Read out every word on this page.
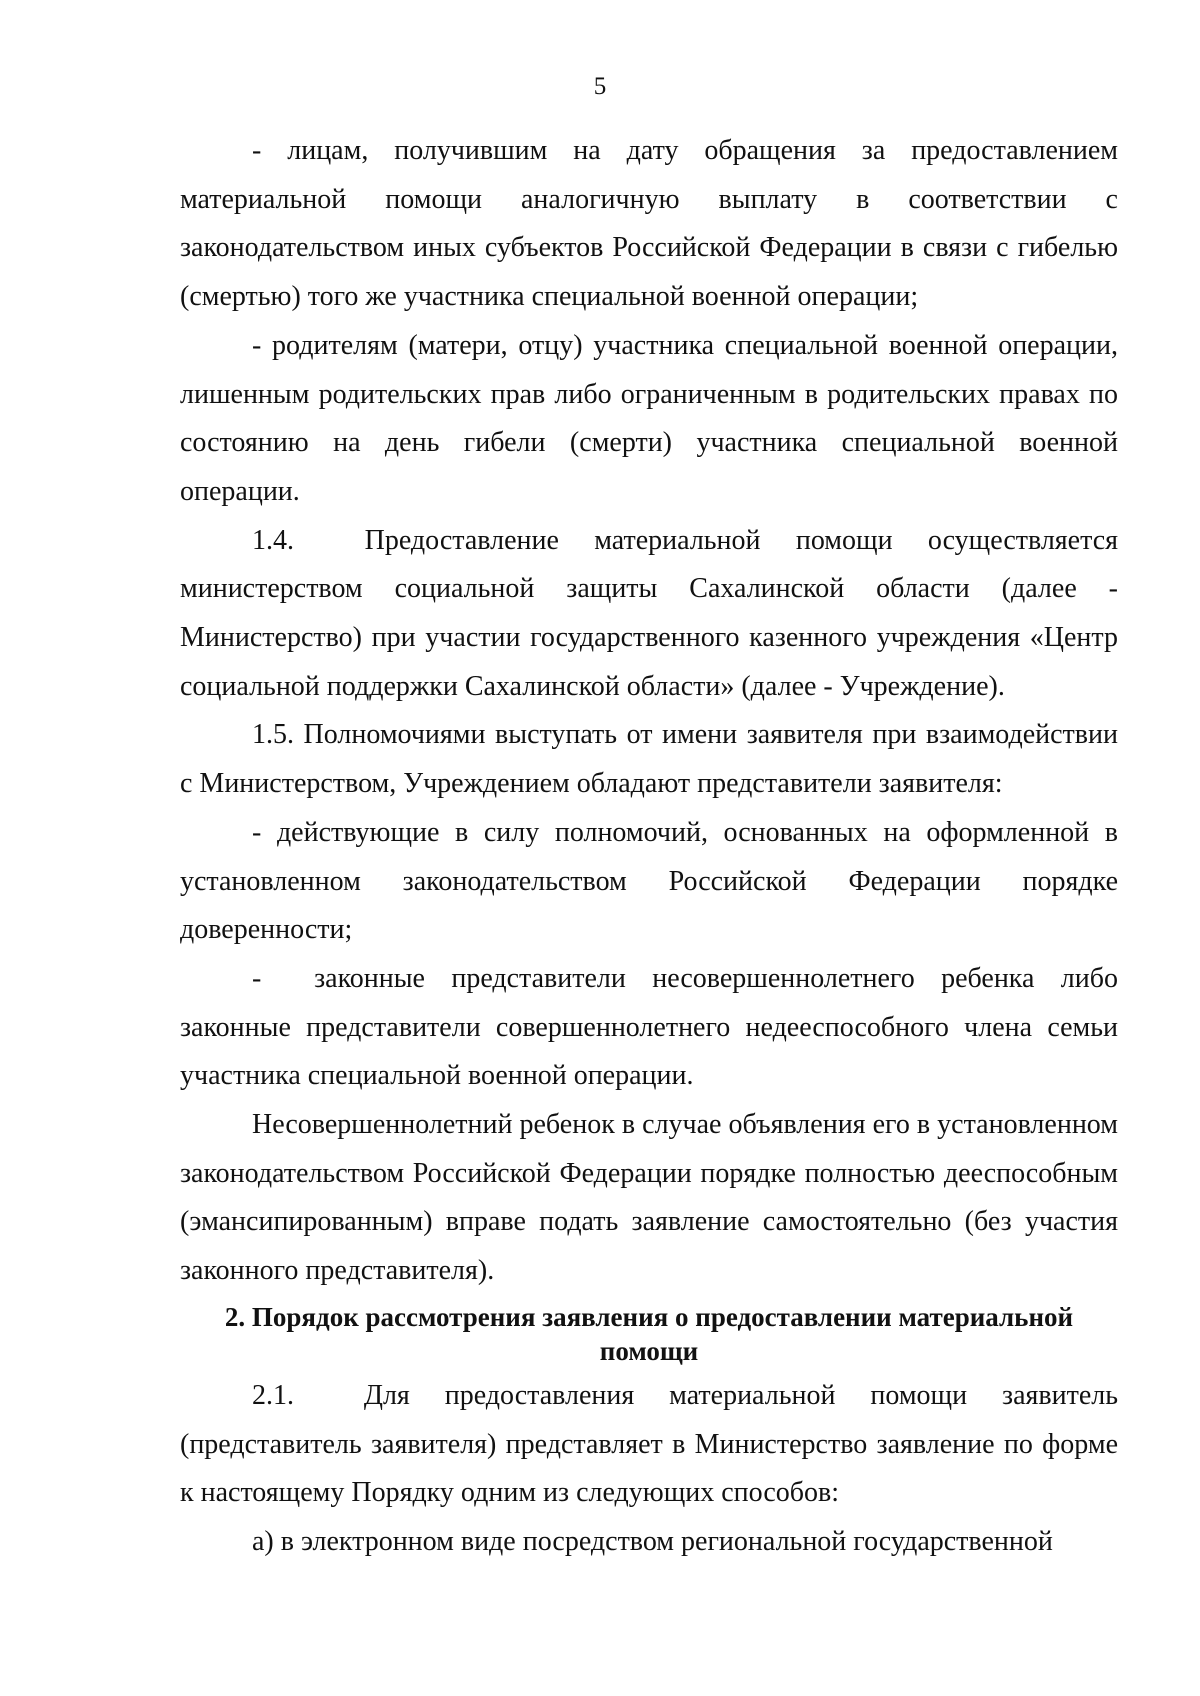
5

- лицам, получившим на дату обращения за предоставлением материальной помощи аналогичную выплату в соответствии с законодательством иных субъектов Российской Федерации в связи с гибелью (смертью) того же участника специальной военной операции;

- родителям (матери, отцу) участника специальной военной операции, лишенным родительских прав либо ограниченным в родительских правах по состоянию на день гибели (смерти) участника специальной военной операции.

1.4.  Предоставление материальной помощи осуществляется министерством социальной защиты Сахалинской области (далее - Министерство) при участии государственного казенного учреждения «Центр социальной поддержки Сахалинской области» (далее - Учреждение).

1.5. Полномочиями выступать от имени заявителя при взаимодействии с Министерством, Учреждением обладают представители заявителя:

- действующие в силу полномочий, основанных на оформленной в установленном законодательством Российской Федерации порядке доверенности;

-  законные представители несовершеннолетнего ребенка либо законные представители совершеннолетнего недееспособного члена семьи участника специальной военной операции.

Несовершеннолетний ребенок в случае объявления его в установленном законодательством Российской Федерации порядке полностью дееспособным (эмансипированным) вправе подать заявление самостоятельно (без участия законного представителя).

2. Порядок рассмотрения заявления о предоставлении материальной помощи

2.1.  Для предоставления материальной помощи заявитель (представитель заявителя) представляет в Министерство заявление по форме к настоящему Порядку одним из следующих способов:

а) в электронном виде посредством региональной государственной
